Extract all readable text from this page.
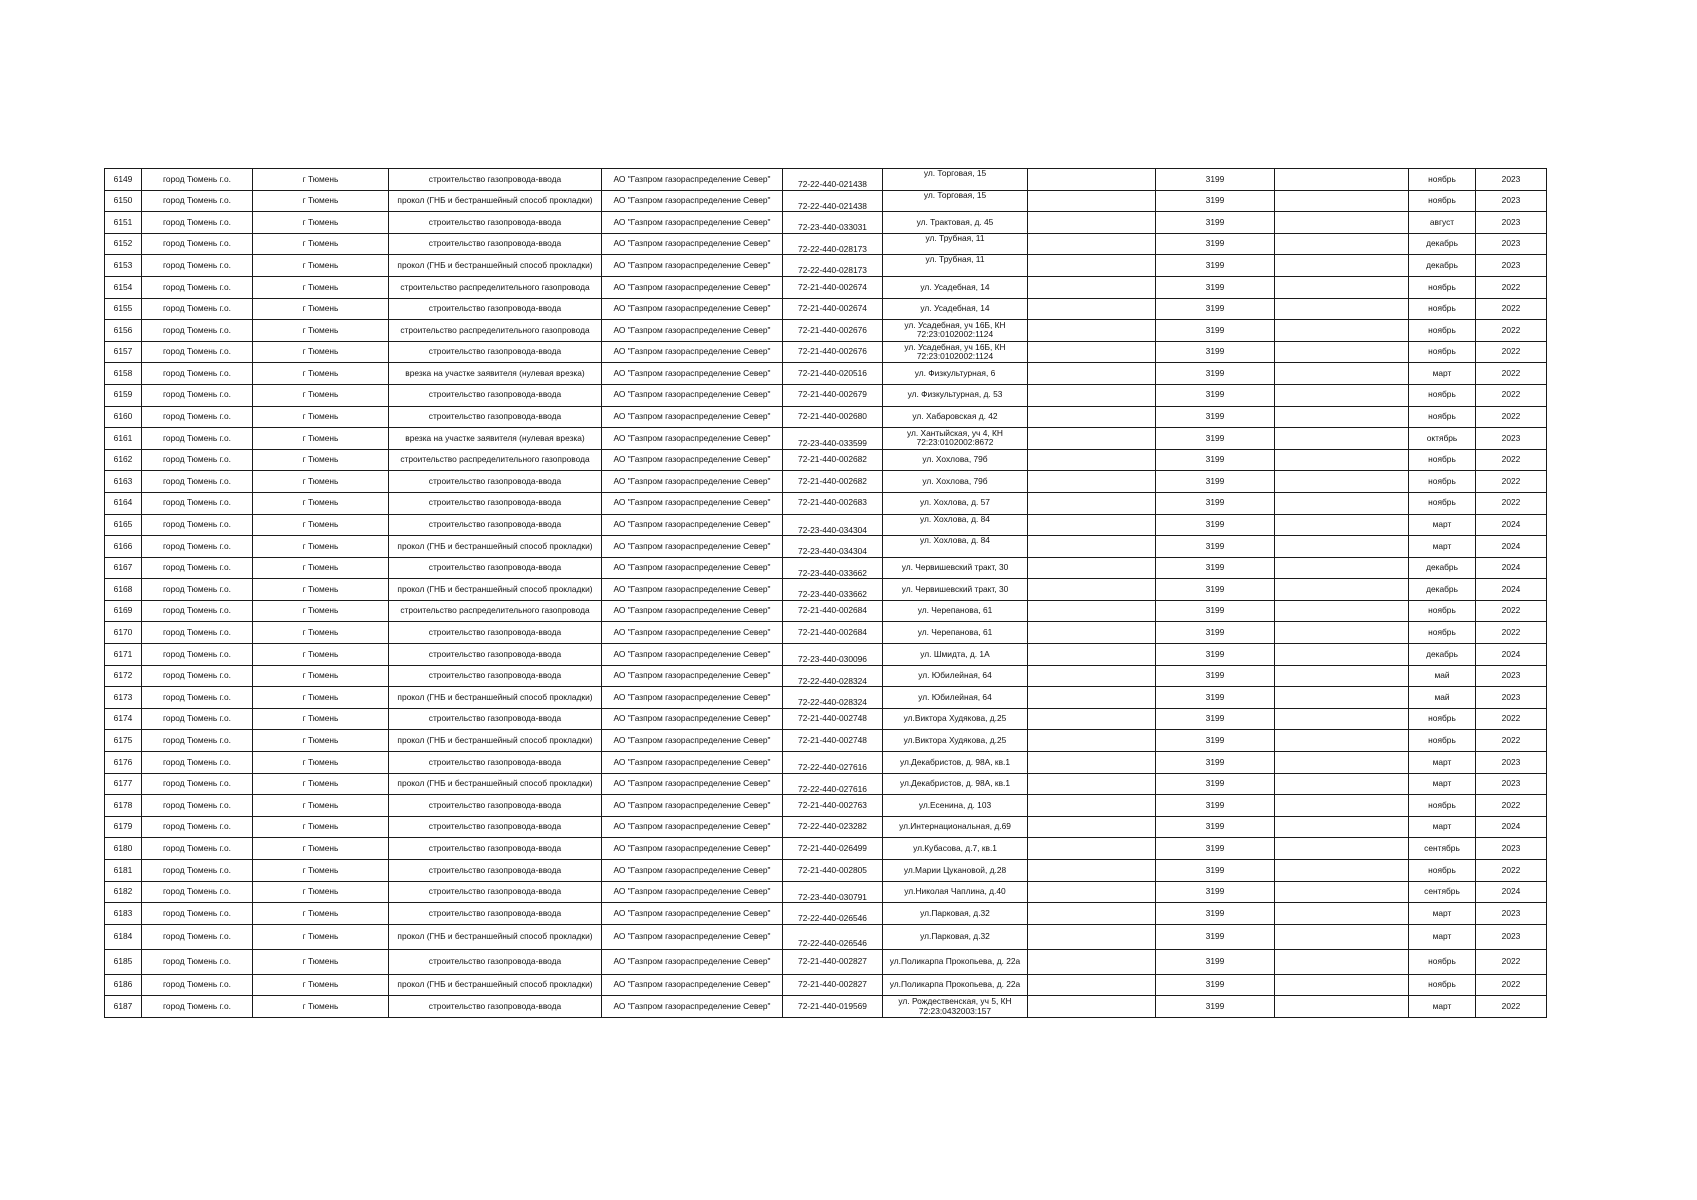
6149	город Тюмень г.о.	г Тюмень	строительство газопровода-ввода	АО "Газпром газораспределение Север"	72-22-440-021438	ул. Торговая, 15		3199		ноябрь	2023
6150	город Тюмень г.о.	г Тюмень	прокол (ГНБ и бестраншейный способ прокладки)	АО "Газпром газораспределение Север"	72-22-440-021438	ул. Торговая, 15		3199		ноябрь	2023
6151	город Тюмень г.о.	г Тюмень	строительство газопровода-ввода	АО "Газпром газораспределение Север"	72-23-440-033031	ул. Трактовая, д. 45		3199		август	2023
6152	город Тюмень г.о.	г Тюмень	строительство газопровода-ввода	АО "Газпром газораспределение Север"	72-22-440-028173	ул. Трубная, 11		3199		декабрь	2023
6153	город Тюмень г.о.	г Тюмень	прокол (ГНБ и бестраншейный способ прокладки)	АО "Газпром газораспределение Север"	72-22-440-028173	ул. Трубная, 11		3199		декабрь	2023
6154	город Тюмень г.о.	г Тюмень	строительство распределительного газопровода	АО "Газпром газораспределение Север"	72-21-440-002674	ул. Усадебная, 14		3199		ноябрь	2022
6155	город Тюмень г.о.	г Тюмень	строительство газопровода-ввода	АО "Газпром газораспределение Север"	72-21-440-002674	ул. Усадебная, 14		3199		ноябрь	2022
6156	город Тюмень г.о.	г Тюмень	строительство распределительного газопровода	АО "Газпром газораспределение Север"	72-21-440-002676	ул. Усадебная, уч 16Б, КН 72:23:0102002:1124		3199		ноябрь	2022
6157	город Тюмень г.о.	г Тюмень	строительство газопровода-ввода	АО "Газпром газораспределение Север"	72-21-440-002676	ул. Усадебная, уч 16Б, КН 72:23:0102002:1124		3199		ноябрь	2022
6158	город Тюмень г.о.	г Тюмень	врезка на участке заявителя (нулевая врезка)	АО "Газпром газораспределение Север"	72-21-440-020516	ул. Физкультурная, 6		3199		март	2022
6159	город Тюмень г.о.	г Тюмень	строительство газопровода-ввода	АО "Газпром газораспределение Север"	72-21-440-002679	ул. Физкультурная, д. 53		3199		ноябрь	2022
6160	город Тюмень г.о.	г Тюмень	строительство газопровода-ввода	АО "Газпром газораспределение Север"	72-21-440-002680	ул. Хабаровская д. 42		3199		ноябрь	2022
6161	город Тюмень г.о.	г Тюмень	врезка на участке заявителя (нулевая врезка)	АО "Газпром газораспределение Север"	72-23-440-033599	ул. Хантыйская, уч 4, КН 72:23:0102002:8672		3199		октябрь	2023
6162	город Тюмень г.о.	г Тюмень	строительство распределительного газопровода	АО "Газпром газораспределение Север"	72-21-440-002682	ул. Хохлова, 79б		3199		ноябрь	2022
6163	город Тюмень г.о.	г Тюмень	строительство газопровода-ввода	АО "Газпром газораспределение Север"	72-21-440-002682	ул. Хохлова, 79б		3199		ноябрь	2022
6164	город Тюмень г.о.	г Тюмень	строительство газопровода-ввода	АО "Газпром газораспределение Север"	72-21-440-002683	ул. Хохлова, д. 57		3199		ноябрь	2022
6165	город Тюмень г.о.	г Тюмень	строительство газопровода-ввода	АО "Газпром газораспределение Север"	72-23-440-034304	ул. Хохлова, д. 84		3199		март	2024
6166	город Тюмень г.о.	г Тюмень	прокол (ГНБ и бестраншейный способ прокладки)	АО "Газпром газораспределение Север"	72-23-440-034304	ул. Хохлова, д. 84		3199		март	2024
6167	город Тюмень г.о.	г Тюмень	строительство газопровода-ввода	АО "Газпром газораспределение Север"	72-23-440-033662	ул. Червишевский тракт, 30		3199		декабрь	2024
6168	город Тюмень г.о.	г Тюмень	прокол (ГНБ и бестраншейный способ прокладки)	АО "Газпром газораспределение Север"	72-23-440-033662	ул. Червишевский тракт, 30		3199		декабрь	2024
6169	город Тюмень г.о.	г Тюмень	строительство распределительного газопровода	АО "Газпром газораспределение Север"	72-21-440-002684	ул. Черепанова, 61		3199		ноябрь	2022
6170	город Тюмень г.о.	г Тюмень	строительство газопровода-ввода	АО "Газпром газораспределение Север"	72-21-440-002684	ул. Черепанова, 61		3199		ноябрь	2022
6171	город Тюмень г.о.	г Тюмень	строительство газопровода-ввода	АО "Газпром газораспределение Север"	72-23-440-030096	ул. Шмидта, д. 1А		3199		декабрь	2024
6172	город Тюмень г.о.	г Тюмень	строительство газопровода-ввода	АО "Газпром газораспределение Север"	72-22-440-028324	ул. Юбилейная, 64		3199		май	2023
6173	город Тюмень г.о.	г Тюмень	прокол (ГНБ и бестраншейный способ прокладки)	АО "Газпром газораспределение Север"	72-22-440-028324	ул. Юбилейная, 64		3199		май	2023
6174	город Тюмень г.о.	г Тюмень	строительство газопровода-ввода	АО "Газпром газораспределение Север"	72-21-440-002748	ул.Виктора Худякова, д.25		3199		ноябрь	2022
6175	город Тюмень г.о.	г Тюмень	прокол (ГНБ и бестраншейный способ прокладки)	АО "Газпром газораспределение Север"	72-21-440-002748	ул.Виктора Худякова, д.25		3199		ноябрь	2022
6176	город Тюмень г.о.	г Тюмень	строительство газопровода-ввода	АО "Газпром газораспределение Север"	72-22-440-027616	ул.Декабристов, д. 98А, кв.1		3199		март	2023
6177	город Тюмень г.о.	г Тюмень	прокол (ГНБ и бестраншейный способ прокладки)	АО "Газпром газораспределение Север"	72-22-440-027616	ул.Декабристов, д. 98А, кв.1		3199		март	2023
6178	город Тюмень г.о.	г Тюмень	строительство газопровода-ввода	АО "Газпром газораспределение Север"	72-21-440-002763	ул.Есенина, д. 103		3199		ноябрь	2022
6179	город Тюмень г.о.	г Тюмень	строительство газопровода-ввода	АО "Газпром газораспределение Север"	72-22-440-023282	ул.Интернациональная, д.69		3199		март	2024
6180	город Тюмень г.о.	г Тюмень	строительство газопровода-ввода	АО "Газпром газораспределение Север"	72-21-440-026499	ул.Кубасова, д.7, кв.1		3199		сентябрь	2023
6181	город Тюмень г.о.	г Тюмень	строительство газопровода-ввода	АО "Газпром газораспределение Север"	72-21-440-002805	ул.Марии Цукановой, д.28		3199		ноябрь	2022
6182	город Тюмень г.о.	г Тюмень	строительство газопровода-ввода	АО "Газпром газораспределение Север"	72-23-440-030791	ул.Николая Чаплина, д.40		3199		сентябрь	2024
6183	город Тюмень г.о.	г Тюмень	строительство газопровода-ввода	АО "Газпром газораспределение Север"	72-22-440-026546	ул.Парковая, д.32		3199		март	2023
6184	город Тюмень г.о.	г Тюмень	прокол (ГНБ и бестраншейный способ прокладки)	АО "Газпром газораспределение Север"	72-22-440-026546	ул.Парковая, д.32		3199		март	2023
6185	город Тюмень г.о.	г Тюмень	строительство газопровода-ввода	АО "Газпром газораспределение Север"	72-21-440-002827	ул.Поликарпа Прокопьева, д. 22а		3199		ноябрь	2022
6186	город Тюмень г.о.	г Тюмень	прокол (ГНБ и бестраншейный способ прокладки)	АО "Газпром газораспределение Север"	72-21-440-002827	ул.Поликарпа Прокопьева, д. 22а		3199		ноябрь	2022
6187	город Тюмень г.о.	г Тюмень	строительство газопровода-ввода	АО "Газпром газораспределение Север"	72-21-440-019569	ул. Рождественская, уч 5, КН 72:23:0432003:157		3199		март	2022
